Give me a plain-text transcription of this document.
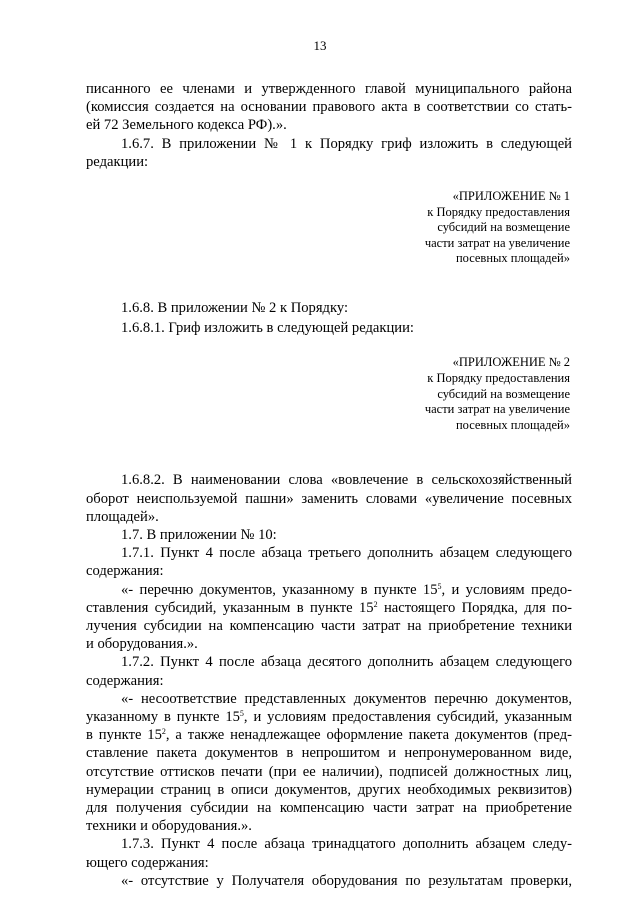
13

писанного ее членами и утвержденного главой муниципального района

(комиссия создается на основании правового акта в соответствии со стать-

ей 72 Земельного кодекса РФ).».

1.6.7. В приложении № 1 к Порядку гриф изложить в следующей

редакции:

«ПРИЛОЖЕНИЕ № 1
к Порядку предоставления
субсидий на возмещение
части затрат на увеличение
посевных площадей»

1.6.8. В приложении № 2 к Порядку:

1.6.8.1. Гриф изложить в следующей редакции:

«ПРИЛОЖЕНИЕ № 2
к Порядку предоставления
субсидий на возмещение
части затрат на увеличение
посевных площадей»

1.6.8.2. В наименовании слова «вовлечение в сельскохозяйственный

оборот неиспользуемой пашни» заменить словами «увеличение посевных

площадей».

1.7. В приложении № 10:

1.7.1. Пункт 4 после абзаца третьего дополнить абзацем следующего

содержания:

«- перечню документов, указанному в пункте $15^5$, и условиям предо-

ставления субсидий, указанным в пункте $15^2$ настоящего Порядка, для по-

лучения субсидии на компенсацию части затрат на приобретение техники

и оборудования.».

1.7.2. Пункт 4 после абзаца десятого дополнить абзацем следующего

содержания:

«- несоответствие представленных документов перечню документов,

указанному в пункте $15^5$, и условиям предоставления субсидий, указанным

в пункте $15^2$, а также ненадлежащее оформление пакета документов (пред-

ставление пакета документов в непрошитом и непронумерованном виде,

отсутствие оттисков печати (при ее наличии), подписей должностных лиц,

нумерации страниц в описи документов, других необходимых реквизитов)

для получения субсидии на компенсацию части затрат на приобретение

техники и оборудования.».

1.7.3. Пункт 4 после абзаца тринадцатого дополнить абзацем следу-

ющего содержания:

«- отсутствие у Получателя оборудования по результатам проверки,
